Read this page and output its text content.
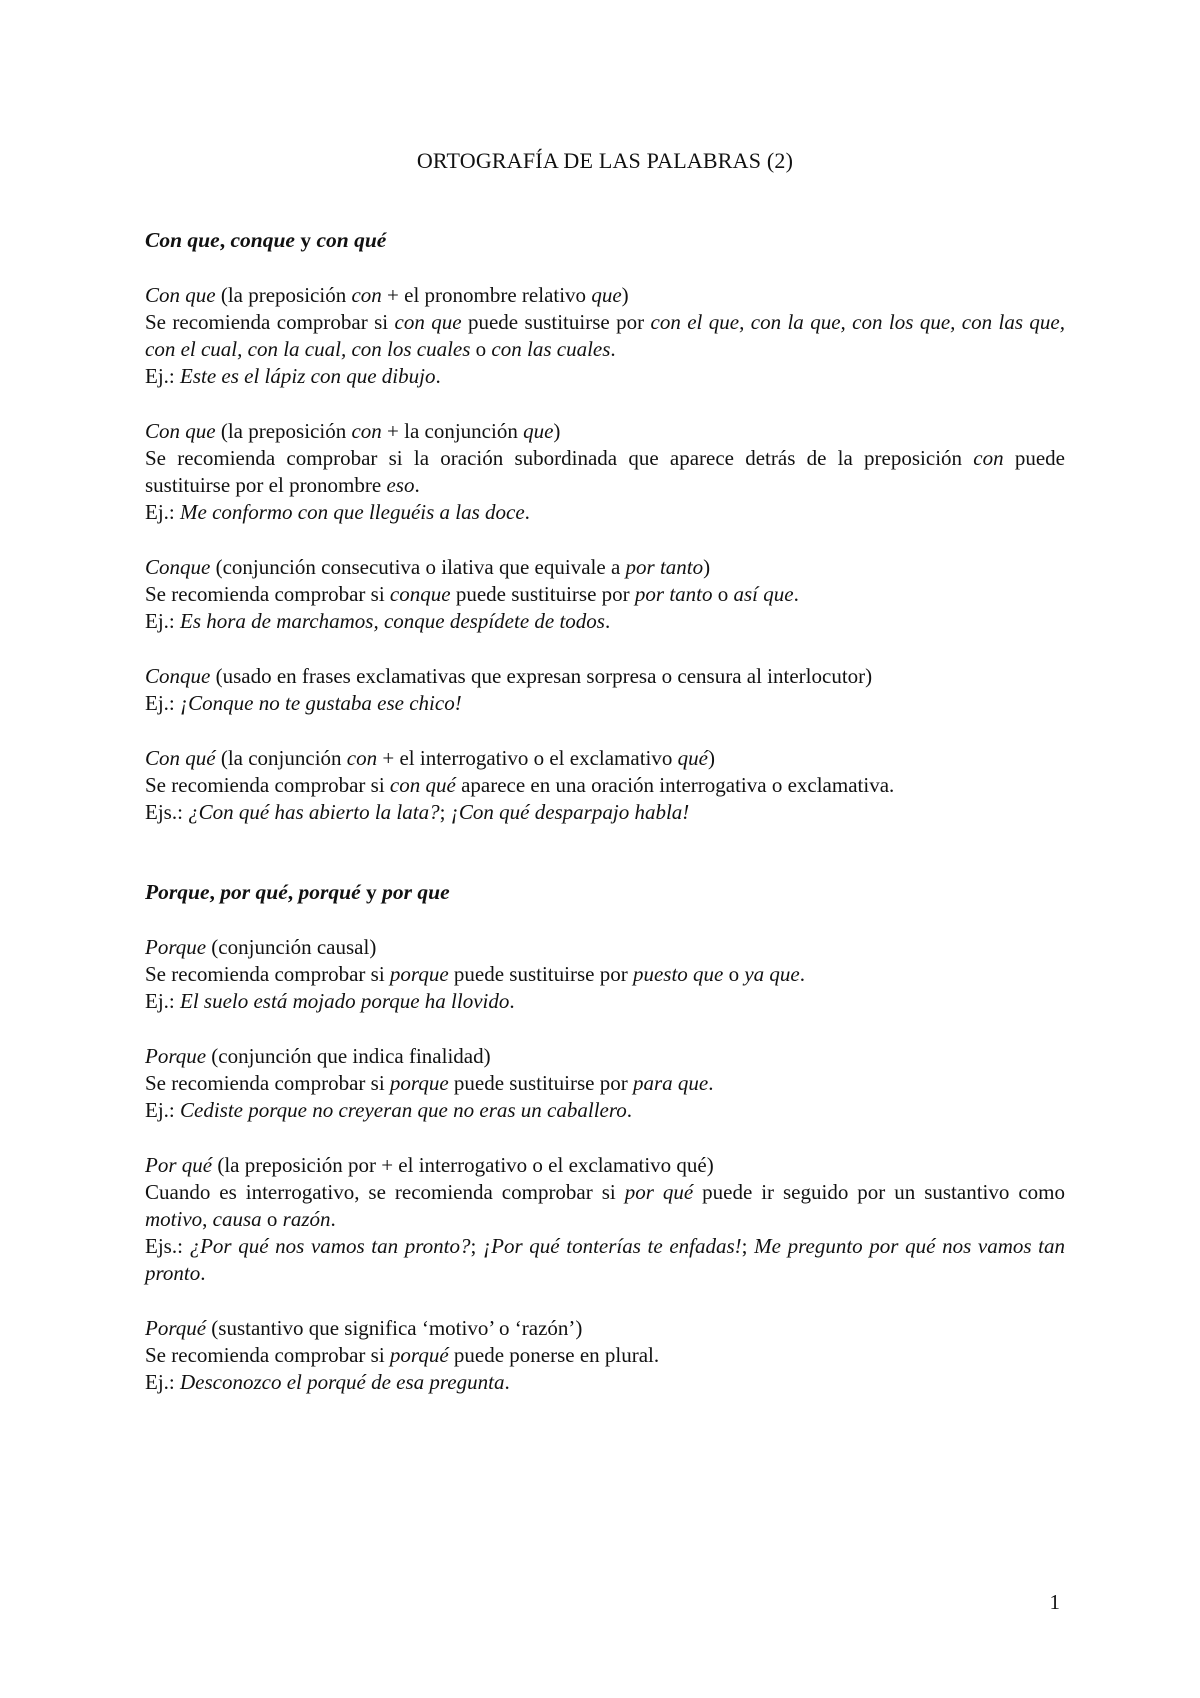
ORTOGRAFÍA DE LAS PALABRAS (2)
Con que, conque y con qué

Con que (la preposición con + el pronombre relativo que)

Se recomienda comprobar si con que puede sustituirse por con el que, con la que, con los que, con las que, con el cual, con la cual, con los cuales o con las cuales.

Ej.: Este es el lápiz con que dibujo.

Con que (la preposición con + la conjunción que)

Se recomienda comprobar si la oración subordinada que aparece detrás de la preposición con puede sustituirse por el pronombre eso.

Ej.: Me conformo con que lleguéis a las doce.

Conque (conjunción consecutiva o ilativa que equivale a por tanto)

Se recomienda comprobar si conque puede sustituirse por por tanto o así que.

Ej.: Es hora de marchamos, conque despídete de todos.

Conque (usado en frases exclamativas que expresan sorpresa o censura al interlocutor)

Ej.: ¡Conque no te gustaba ese chico!

Con qué (la conjunción con + el interrogativo o el exclamativo qué)

Se recomienda comprobar si con qué aparece en una oración interrogativa o exclamativa.

Ejs.: ¿Con qué has abierto la lata?; ¡Con qué desparpajo habla!

Porque, por qué, porqué y por que

Porque (conjunción causal)

Se recomienda comprobar si porque puede sustituirse por puesto que o ya que.

Ej.: El suelo está mojado porque ha llovido.

Porque (conjunción que indica finalidad)

Se recomienda comprobar si porque puede sustituirse por para que.

Ej.: Cediste porque no creyeran que no eras un caballero.

Por qué (la preposición por + el interrogativo o el exclamativo qué)

Cuando es interrogativo, se recomienda comprobar si por qué puede ir seguido por un sustantivo como motivo, causa o razón.

Ejs.: ¿Por qué nos vamos tan pronto?; ¡Por qué tonterías te enfadas!; Me pregunto por qué nos vamos tan pronto.

Porqué (sustantivo que significa ‘motivo’ o ‘razón’)

Se recomienda comprobar si porqué puede ponerse en plural.

Ej.: Desconozco el porqué de esa pregunta.

1
